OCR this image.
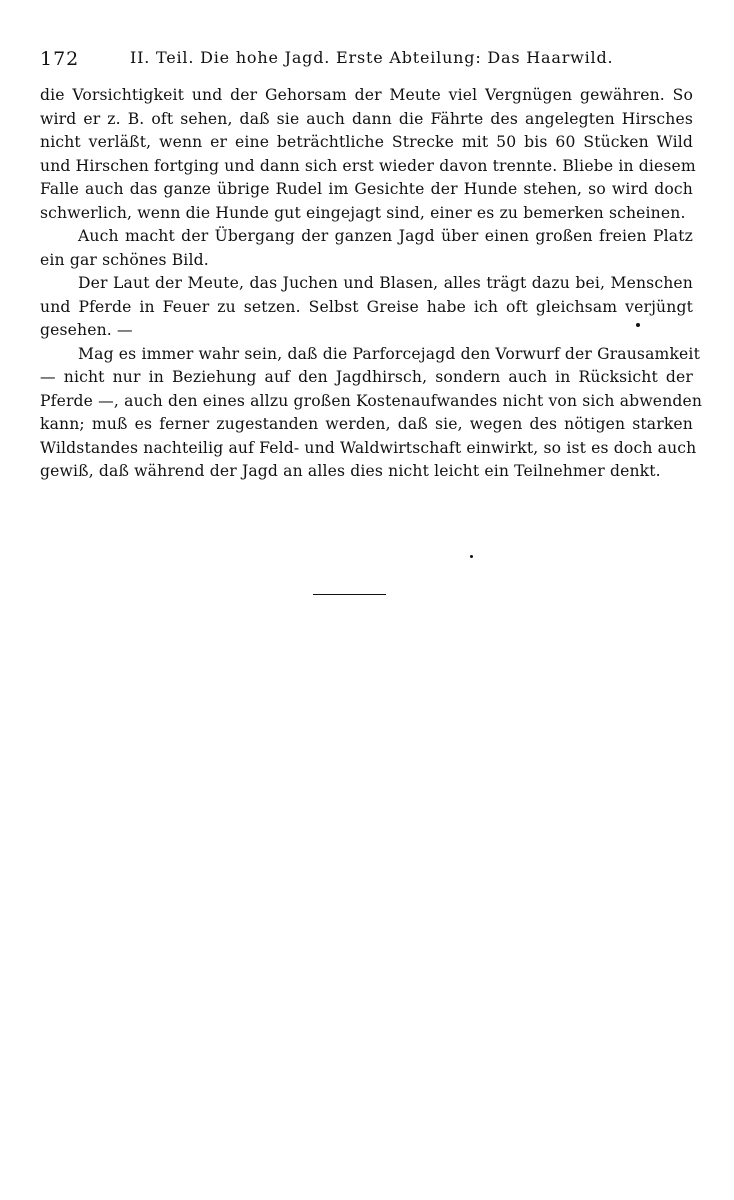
172	II. Teil. Die hohe Jagd. Erste Abteilung: Das Haarwild.

die Vorsichtigkeit und der Gehorsam der Meute viel Vergnügen gewähren. So
wird er z. B. oft sehen, daß sie auch dann die Fährte des angelegten Hirsches
nicht verläßt, wenn er eine beträchtliche Strecke mit 50 bis 60 Stücken Wild
und Hirschen fortging und dann sich erst wieder davon trennte. Bliebe in diesem
Falle auch das ganze übrige Rudel im Gesichte der Hunde stehen, so wird doch
schwerlich, wenn die Hunde gut eingejagt sind, einer es zu bemerken scheinen.

Auch macht der Übergang der ganzen Jagd über einen großen freien Platz
ein gar schönes Bild.

Der Laut der Meute, das Juchen und Blasen, alles trägt dazu bei, Menschen
und Pferde in Feuer zu setzen. Selbst Greise habe ich oft gleichsam verjüngt
gesehen. —

Mag es immer wahr sein, daß die Parforcejagd den Vorwurf der Grausamkeit
— nicht nur in Beziehung auf den Jagdhirsch, sondern auch in Rücksicht der
Pferde —, auch den eines allzu großen Kostenaufwandes nicht von sich abwenden
kann; muß es ferner zugestanden werden, daß sie, wegen des nötigen starken
Wildstandes nachteilig auf Feld- und Waldwirtschaft einwirkt, so ist es doch auch
gewiß, daß während der Jagd an alles dies nicht leicht ein Teilnehmer denkt.
